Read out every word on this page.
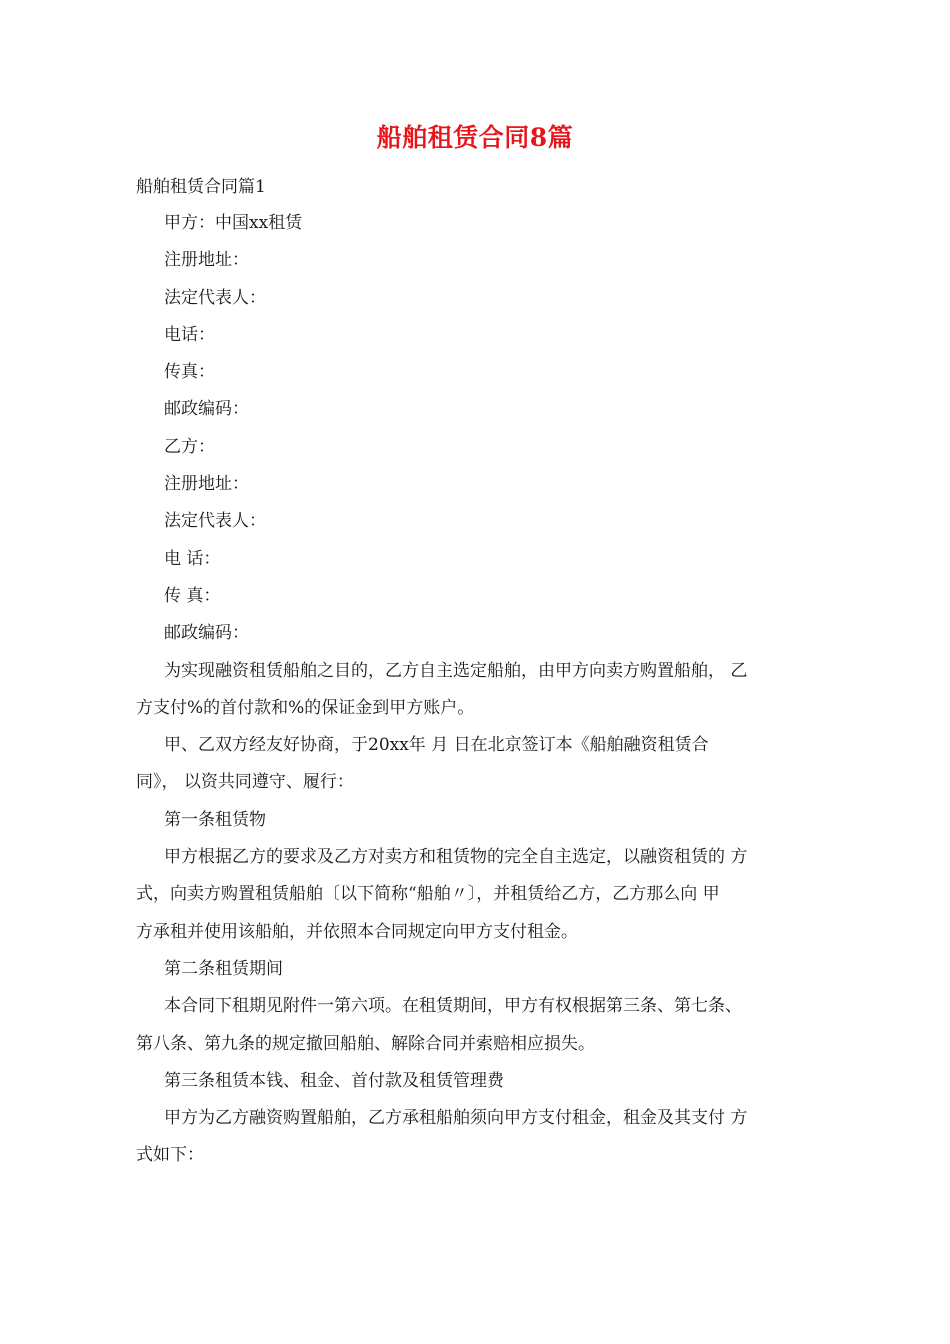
船舶租赁合同8篇
船舶租赁合同篇1
甲方：中国xx租赁
注册地址：
法定代表人：
电话：
传真：
邮政编码：
乙方：
注册地址：
法定代表人：
电 话：
传 真：
邮政编码：
为实现融资租赁船舶之目的，乙方自主选定船舶，由甲方向卖方购置船舶， 乙
方支付%的首付款和%的保证金到甲方账户。
甲、乙双方经友好协商，于20xx年 月 日在北京签订本《船舶融资租赁合
同》， 以资共同遵守、履行：
第一条租赁物
甲方根据乙方的要求及乙方对卖方和租赁物的完全自主选定，以融资租赁的 方
式，向卖方购置租赁船舶〔以下简称“船舶〃〕，并租赁给乙方，乙方那么向 甲
方承租并使用该船舶，并依照本合同规定向甲方支付租金。
第二条租赁期间
本合同下租期见附件一第六项。在租赁期间，甲方有权根据第三条、第七条、
第八条、第九条的规定撤回船舶、解除合同并索赔相应损失。
第三条租赁本钱、租金、首付款及租赁管理费
甲方为乙方融资购置船舶，乙方承租船舶须向甲方支付租金，租金及其支付 方
式如下：
